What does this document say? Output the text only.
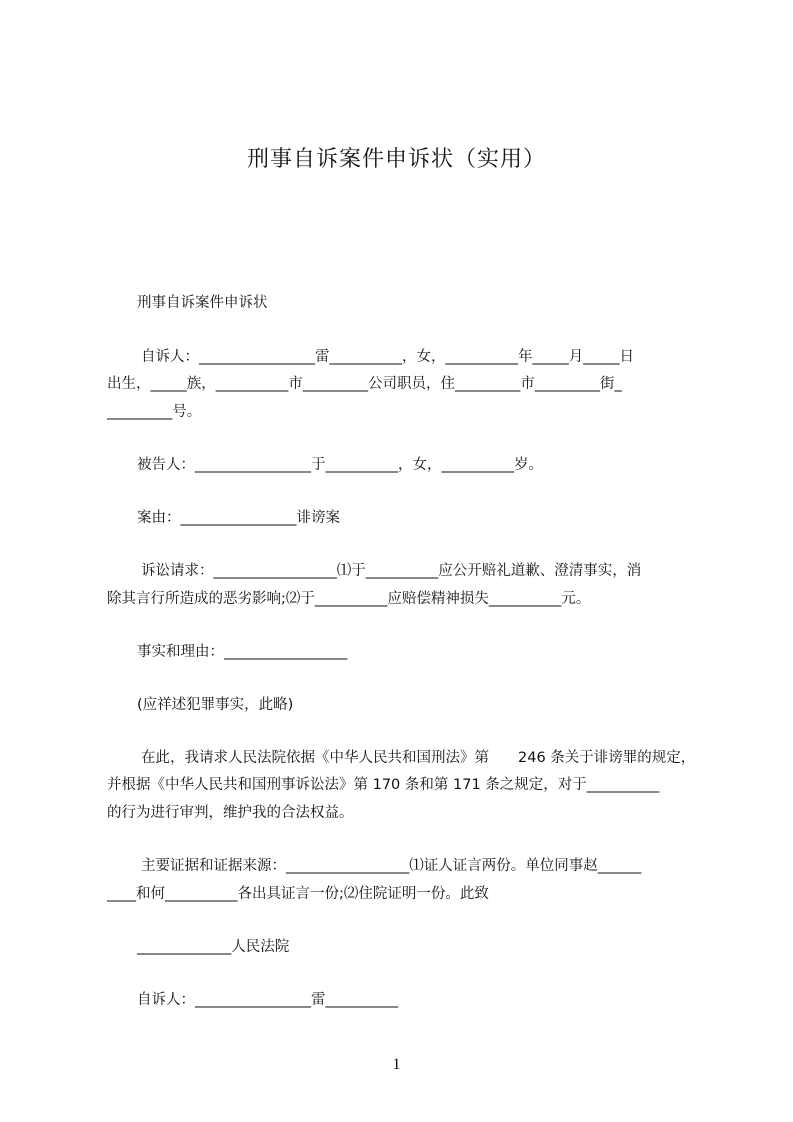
刑事自诉案件申诉状（实用）

刑事自诉案件申诉状

自诉人：________________雷__________，女，__________年_____月_____日

出生，_____族，__________市_________公司职员，住_________市_________街_

_________号。

被告人：________________于__________，女，__________岁。

案由：________________诽谤案

诉讼请求：_________________⑴于__________应公开赔礼道歉、澄清事实，消

除其言行所造成的恶劣影响;⑵于__________应赔偿精神损失__________元。

事实和理由：_________________

(应祥述犯罪事实，此略)

在此，我请求人民法院依据《中华人民共和国刑法》第　　246 条关于诽谤罪的规定，

并根据《中华人民共和国刑事诉讼法》第 170 条和第 171 条之规定，对于__________

的行为进行审判，维护我的合法权益。

主要证据和证据来源：_________________⑴证人证言两份。单位同事赵______

____和何__________各出具证言一份;⑵住院证明一份。此致

_____________人民法院

自诉人：________________雷__________

1
